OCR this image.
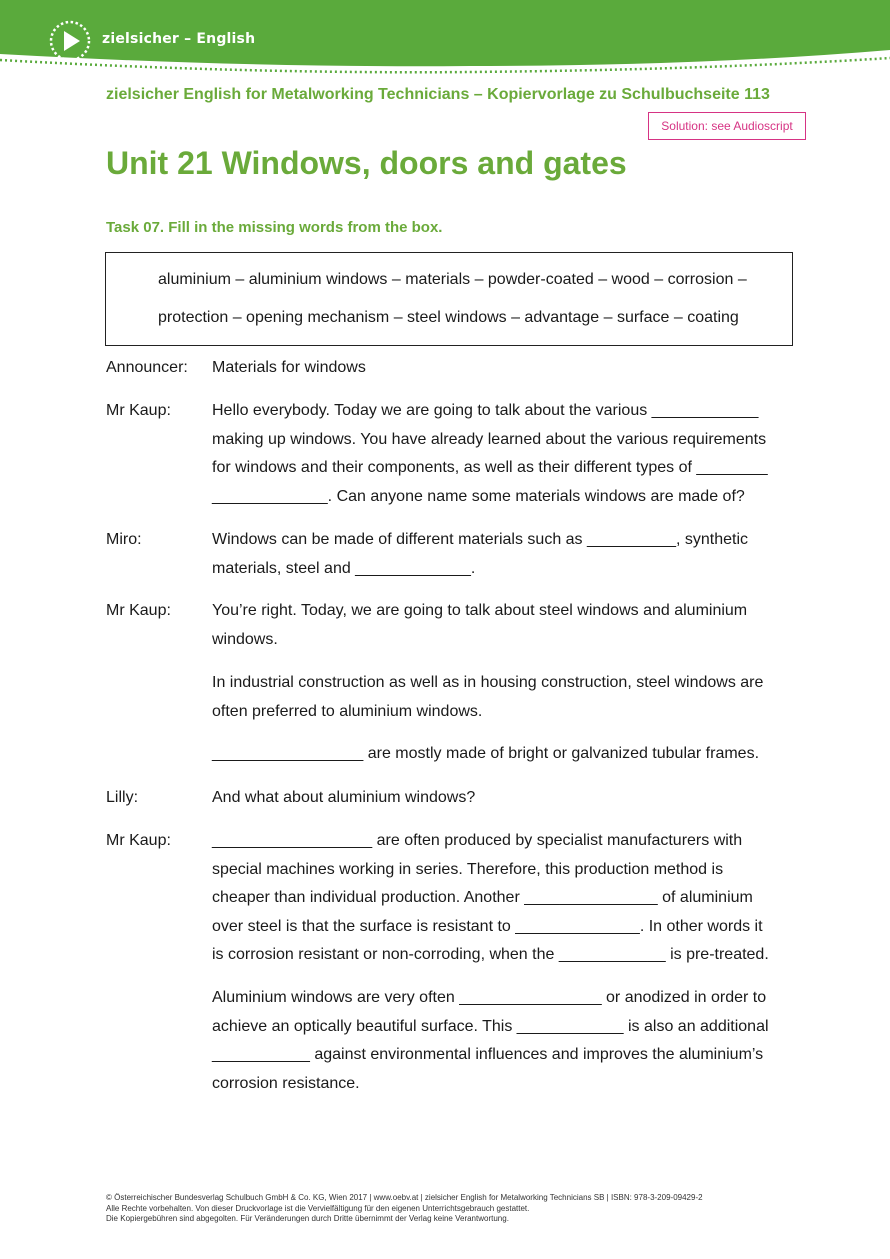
zielsicher – English
zielsicher English for Metalworking Technicians – Kopiervorlage zu Schulbuchseite 113
Solution: see Audioscript
Unit 21 Windows, doors and gates
Task 07. Fill in the missing words from the box.
aluminium – aluminium windows – materials – powder-coated – wood – corrosion –
protection – opening mechanism – steel windows – advantage – surface – coating
Announcer: Materials for windows
Mr Kaup:	Hello everybody. Today we are going to talk about the various ____________
making up windows. You have already learned about the various requirements
for windows and their components, as well as their different types of ________
_____________. Can anyone name some materials windows are made of?
Miro:	Windows can be made of different materials such as __________, synthetic
materials, steel and _____________.
Mr Kaup:	You’re right. Today, we are going to talk about steel windows and aluminium
windows.
In industrial construction as well as in housing construction, steel windows are
often preferred to aluminium windows.
_________________ are mostly made of bright or galvanized tubular frames.
Lilly:	And what about aluminium windows?
Mr Kaup:	__________________ are often produced by specialist manufacturers with
special machines working in series. Therefore, this production method is
cheaper than individual production. Another _______________ of aluminium
over steel is that the surface is resistant to ______________. In other words it
is corrosion resistant or non-corroding, when the ____________ is pre-treated.
Aluminium windows are very often ________________ or anodized in order to
achieve an optically beautiful surface. This ____________ is also an additional
___________ against environmental influences and improves the aluminium’s
corrosion resistance.
© Österreichischer Bundesverlag Schulbuch GmbH & Co. KG, Wien 2017 | www.oebv.at | zielsicher English for Metalworking Technicians SB | ISBN: 978-3-209-09429-2
Alle Rechte vorbehalten. Von dieser Druckvorlage ist die Vervielfältigung für den eigenen Unterrichtsgebrauch gestattet.
Die Kopiergebühren sind abgegolten. Für Veränderungen durch Dritte übernimmt der Verlag keine Verantwortung.
